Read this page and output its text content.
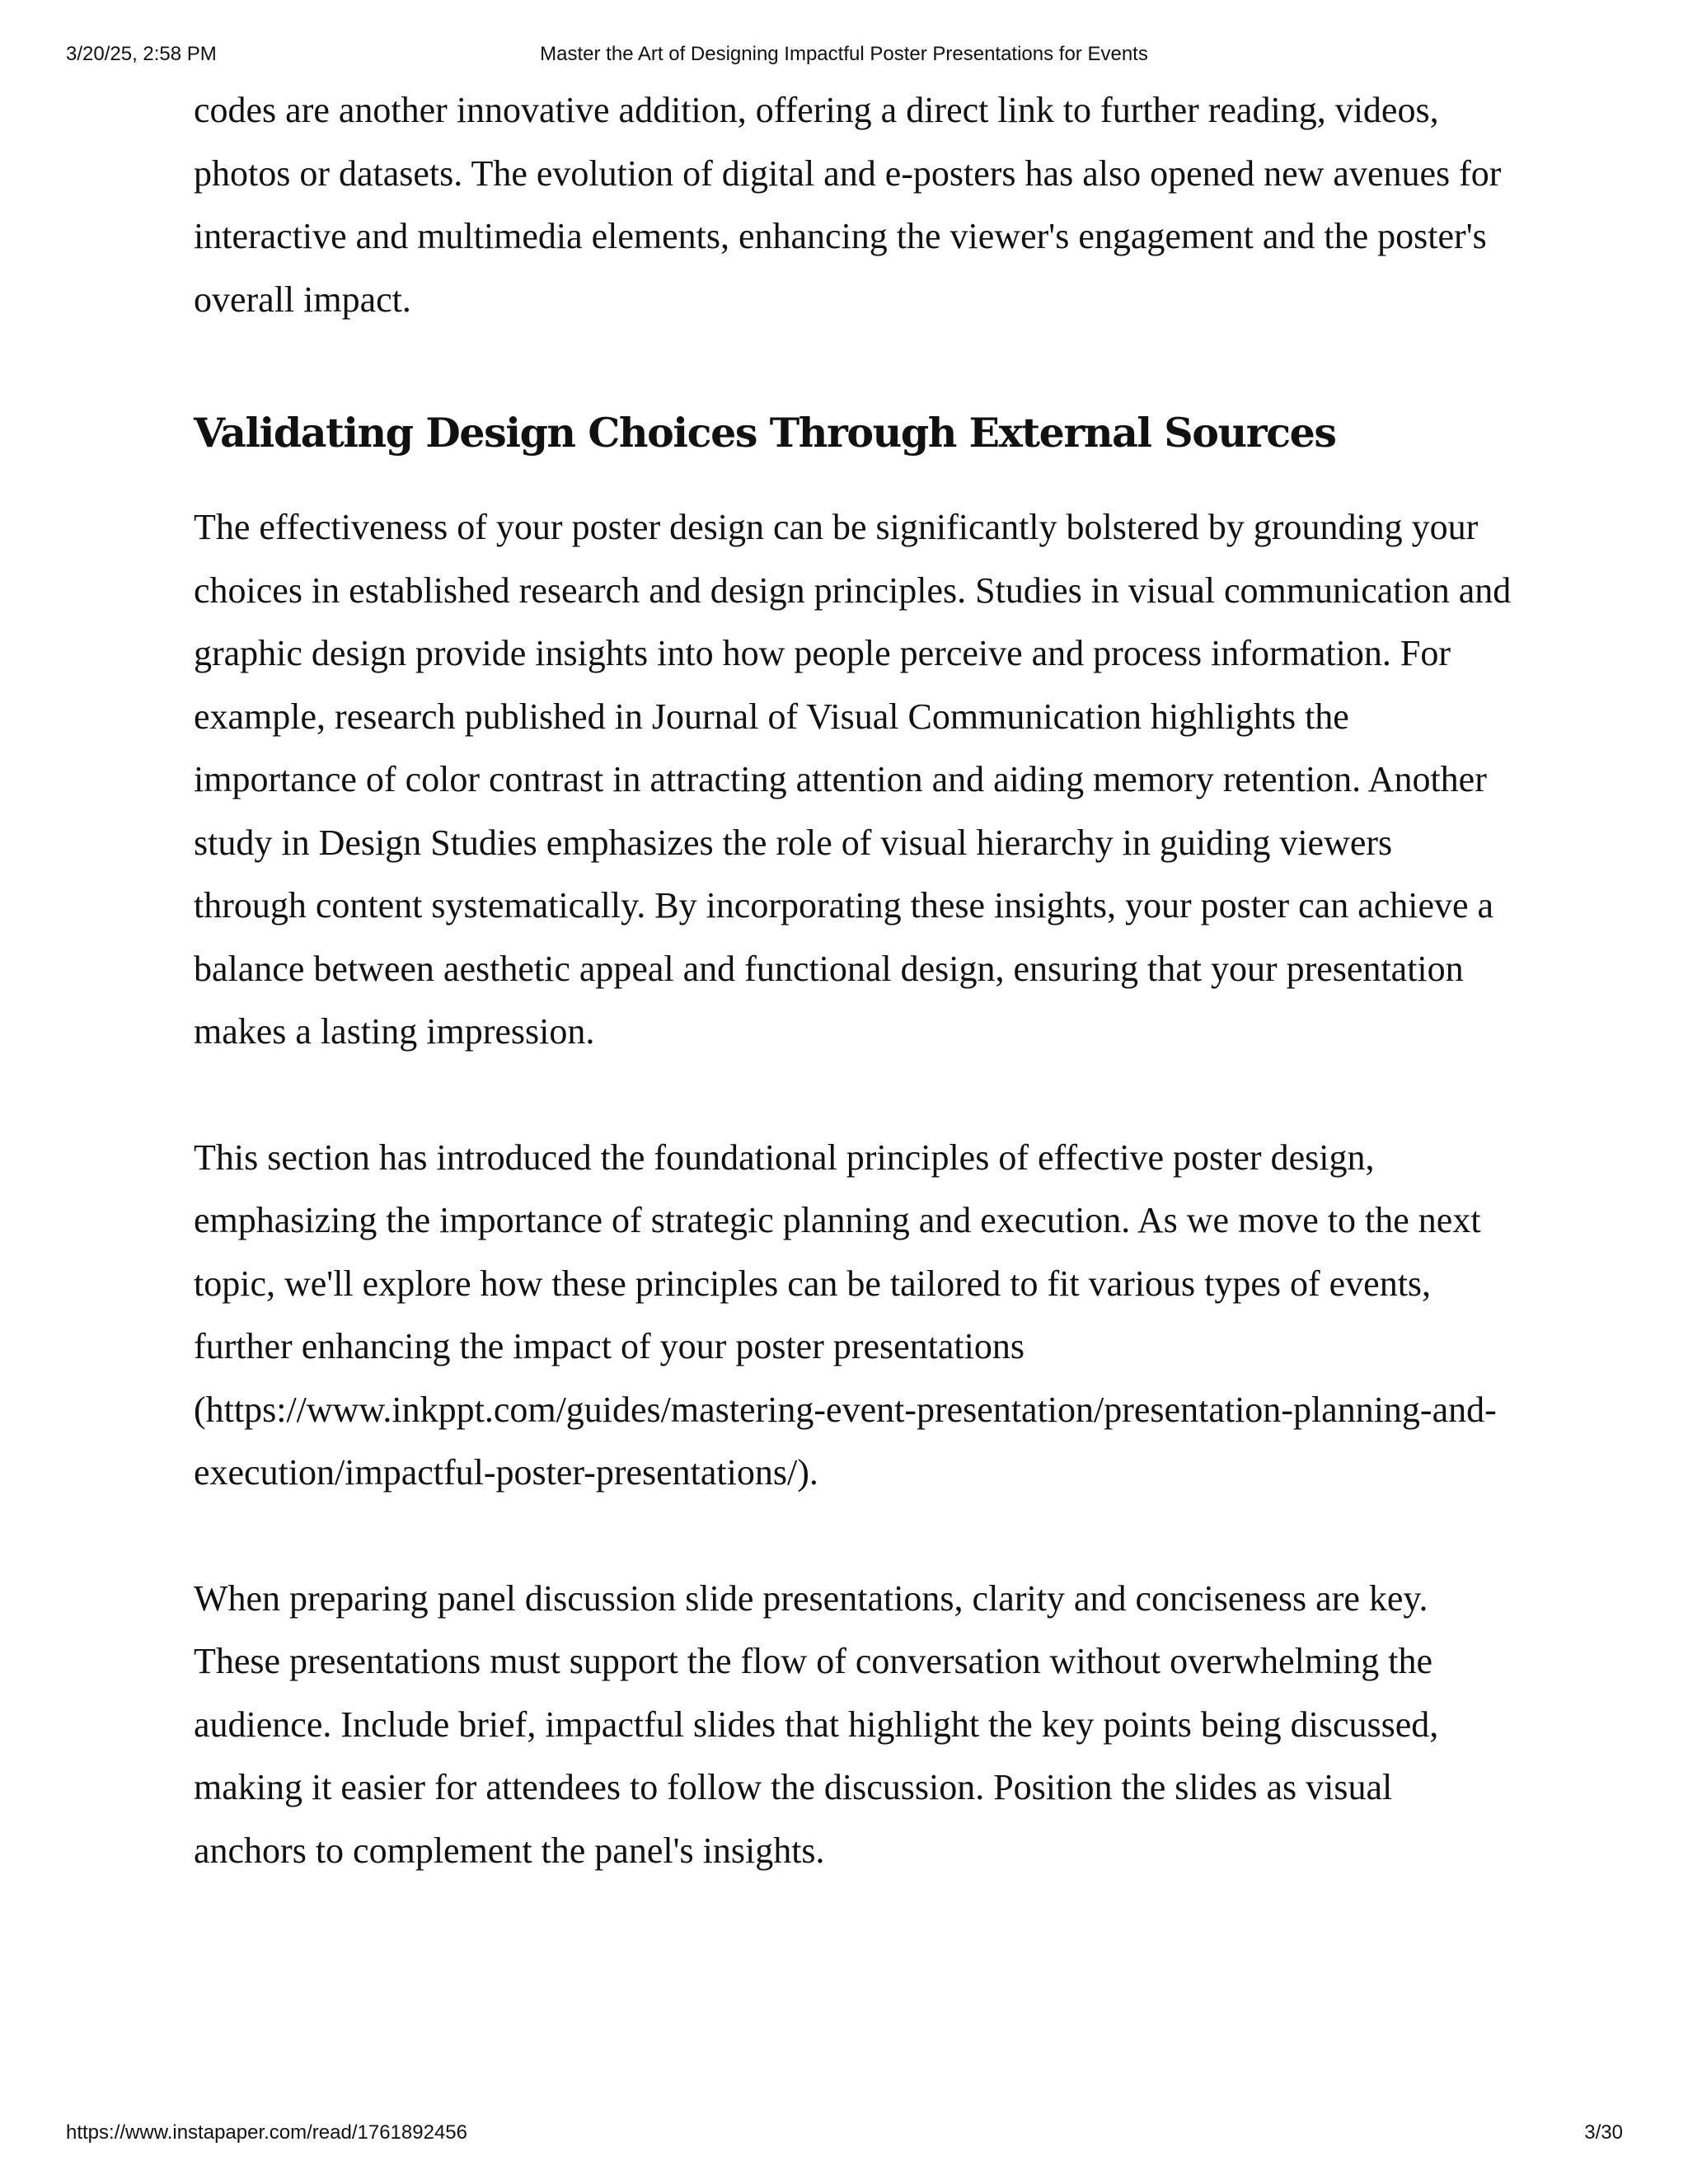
3/20/25, 2:58 PM	Master the Art of Designing Impactful Poster Presentations for Events

codes are another innovative addition, offering a direct link to further reading, videos, photos or datasets. The evolution of digital and e-posters has also opened new avenues for interactive and multimedia elements, enhancing the viewer's engagement and the poster's overall impact.

Validating Design Choices Through External Sources

The effectiveness of your poster design can be significantly bolstered by grounding your choices in established research and design principles. Studies in visual communication and graphic design provide insights into how people perceive and process information. For example, research published in Journal of Visual Communication highlights the importance of color contrast in attracting attention and aiding memory retention. Another study in Design Studies emphasizes the role of visual hierarchy in guiding viewers through content systematically. By incorporating these insights, your poster can achieve a balance between aesthetic appeal and functional design, ensuring that your presentation makes a lasting impression.

This section has introduced the foundational principles of effective poster design, emphasizing the importance of strategic planning and execution. As we move to the next topic, we'll explore how these principles can be tailored to fit various types of events, further enhancing the impact of your poster presentations (https://www.inkppt.com/guides/mastering-event-presentation/presentation-planning-and-execution/impactful-poster-presentations/).

When preparing panel discussion slide presentations, clarity and conciseness are key. These presentations must support the flow of conversation without overwhelming the audience. Include brief, impactful slides that highlight the key points being discussed, making it easier for attendees to follow the discussion. Position the slides as visual anchors to complement the panel's insights.

https://www.instapaper.com/read/1761892456	3/30
